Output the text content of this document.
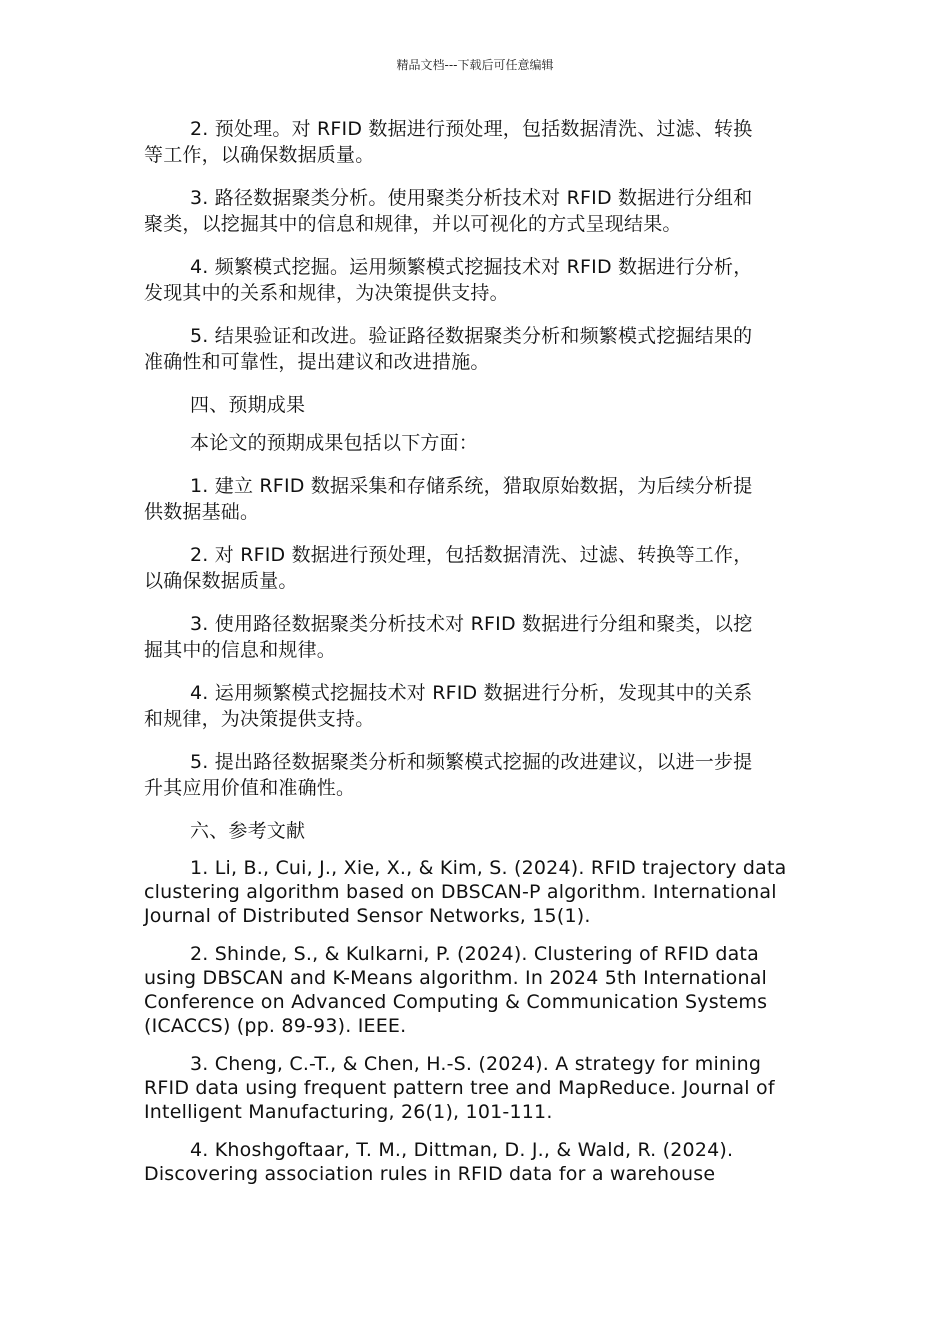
精品文档---下载后可任意编辑

2. 预处理。对 RFID 数据进行预处理，包括数据清洗、过滤、转换
等工作，以确保数据质量。

3. 路径数据聚类分析。使用聚类分析技术对 RFID 数据进行分组和
聚类，以挖掘其中的信息和规律，并以可视化的方式呈现结果。

4. 频繁模式挖掘。运用频繁模式挖掘技术对 RFID 数据进行分析，
发现其中的关系和规律，为决策提供支持。

5. 结果验证和改进。验证路径数据聚类分析和频繁模式挖掘结果的
准确性和可靠性，提出建议和改进措施。

四、预期成果

本论文的预期成果包括以下方面：

1. 建立 RFID 数据采集和存储系统，猎取原始数据，为后续分析提
供数据基础。

2. 对 RFID 数据进行预处理，包括数据清洗、过滤、转换等工作，
以确保数据质量。

3. 使用路径数据聚类分析技术对 RFID 数据进行分组和聚类，以挖
掘其中的信息和规律。

4. 运用频繁模式挖掘技术对 RFID 数据进行分析，发现其中的关系
和规律，为决策提供支持。

5. 提出路径数据聚类分析和频繁模式挖掘的改进建议，以进一步提
升其应用价值和准确性。

六、参考文献

1. Li, B., Cui, J., Xie, X., & Kim, S. (2024). RFID trajectory data clustering algorithm based on DBSCAN-P algorithm. International Journal of Distributed Sensor Networks, 15(1).

2. Shinde, S., & Kulkarni, P. (2024). Clustering of RFID data using DBSCAN and K-Means algorithm. In 2024 5th International Conference on Advanced Computing & Communication Systems (ICACCS) (pp. 89-93). IEEE.

3. Cheng, C.-T., & Chen, H.-S. (2024). A strategy for mining RFID data using frequent pattern tree and MapReduce. Journal of Intelligent Manufacturing, 26(1), 101-111.

4. Khoshgoftaar, T. M., Dittman, D. J., & Wald, R. (2024). Discovering association rules in RFID data for a warehouse
